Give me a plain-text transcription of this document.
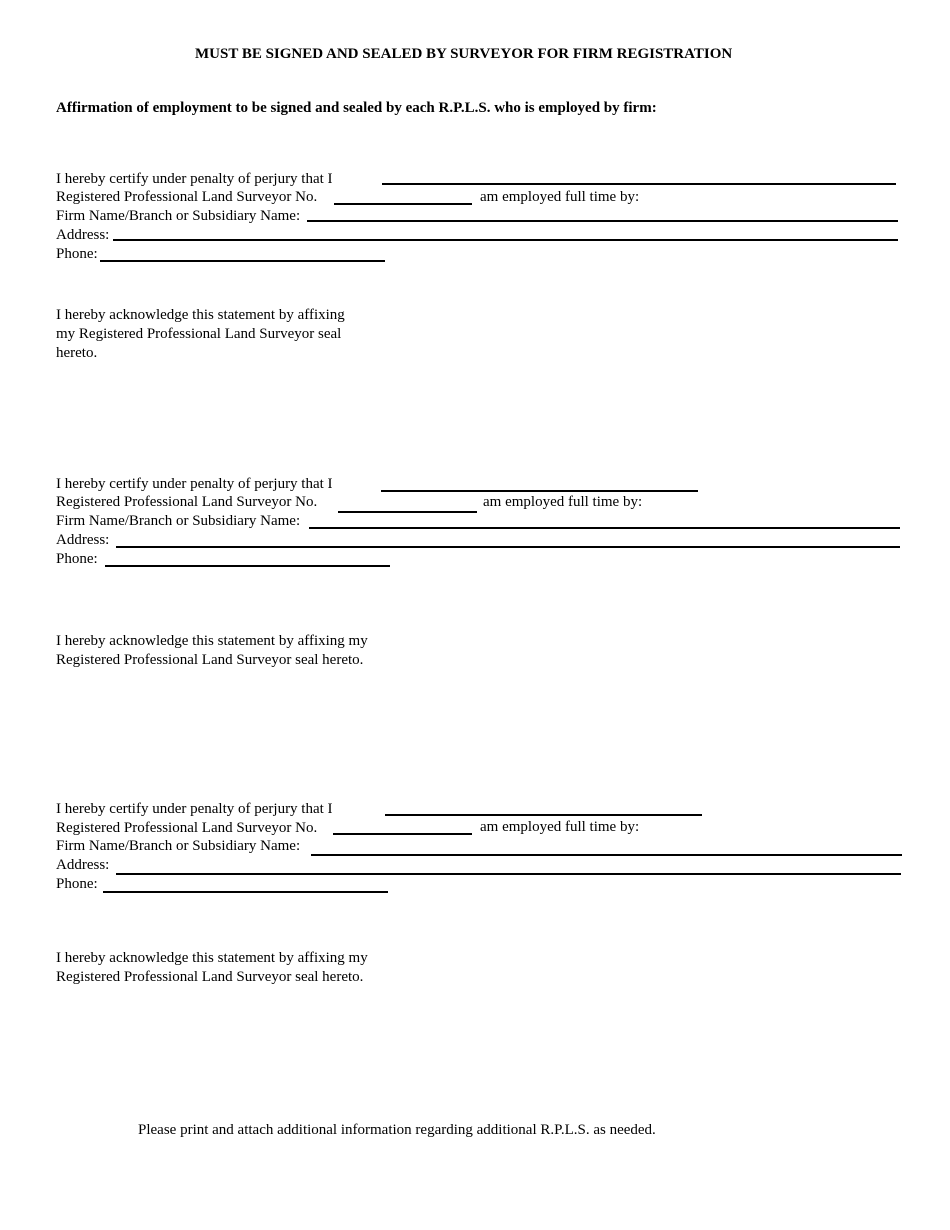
MUST BE SIGNED AND SEALED BY SURVEYOR FOR FIRM REGISTRATION
Affirmation of employment to be signed and sealed by each R.P.L.S. who is employed by firm:
I hereby certify under penalty of perjury that I
Registered Professional Land Surveyor No.	am employed full time by:
Firm Name/Branch or Subsidiary Name:
Address:
Phone:
I hereby acknowledge this statement by affixing
my Registered Professional Land Surveyor seal
hereto.
I hereby certify under penalty of perjury that I
Registered Professional Land Surveyor No.	am employed full time by:
Firm Name/Branch or Subsidiary Name:
Address:
Phone:
I hereby acknowledge this statement by affixing my
Registered Professional Land Surveyor seal hereto.
I hereby certify under penalty of perjury that I
Registered Professional Land Surveyor No.	am employed full time by:
Firm Name/Branch or Subsidiary Name:
Address:
Phone:
I hereby acknowledge this statement by affixing my
Registered Professional Land Surveyor seal hereto.
Please print and attach additional information regarding additional R.P.L.S. as needed.
